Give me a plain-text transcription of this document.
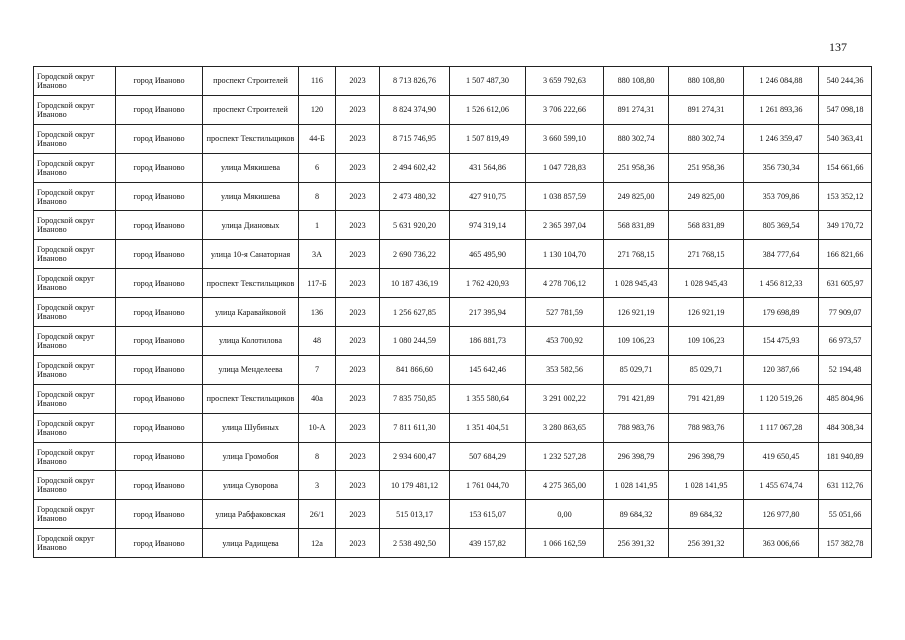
137
Городской округ Иваново	город Иваново	проспект Строителей	116	2023	8 713 826,76	1 507 487,30	3 659 792,63	880 108,80	880 108,80	1 246 084,88	540 244,36
Городской округ Иваново	город Иваново	проспект Строителей	120	2023	8 824 374,90	1 526 612,06	3 706 222,66	891 274,31	891 274,31	1 261 893,36	547 098,18
Городской округ Иваново	город Иваново	проспект Текстильщиков	44-Б	2023	8 715 746,95	1 507 819,49	3 660 599,10	880 302,74	880 302,74	1 246 359,47	540 363,41
Городской округ Иваново	город Иваново	улица Мякишева	6	2023	2 494 602,42	431 564,86	1 047 728,83	251 958,36	251 958,36	356 730,34	154 661,66
Городской округ Иваново	город Иваново	улица Мякишева	8	2023	2 473 480,32	427 910,75	1 038 857,59	249 825,00	249 825,00	353 709,86	153 352,12
Городской округ Иваново	город Иваново	улица Диановых	1	2023	5 631 920,20	974 319,14	2 365 397,04	568 831,89	568 831,89	805 369,54	349 170,72
Городской округ Иваново	город Иваново	улица 10-я Санаторная	3А	2023	2 690 736,22	465 495,90	1 130 104,70	271 768,15	271 768,15	384 777,64	166 821,66
Городской округ Иваново	город Иваново	проспект Текстильщиков	117-Б	2023	10 187 436,19	1 762 420,93	4 278 706,12	1 028 945,43	1 028 945,43	1 456 812,33	631 605,97
Городской округ Иваново	город Иваново	улица Каравайковой	136	2023	1 256 627,85	217 395,94	527 781,59	126 921,19	126 921,19	179 698,89	77 909,07
Городской округ Иваново	город Иваново	улица Колотилова	48	2023	1 080 244,59	186 881,73	453 700,92	109 106,23	109 106,23	154 475,93	66 973,57
Городской округ Иваново	город Иваново	улица Менделеева	7	2023	841 866,60	145 642,46	353 582,56	85 029,71	85 029,71	120 387,66	52 194,48
Городской округ Иваново	город Иваново	проспект Текстильщиков	40а	2023	7 835 750,85	1 355 580,64	3 291 002,22	791 421,89	791 421,89	1 120 519,26	485 804,96
Городской округ Иваново	город Иваново	улица Шубиных	10-А	2023	7 811 611,30	1 351 404,51	3 280 863,65	788 983,76	788 983,76	1 117 067,28	484 308,34
Городской округ Иваново	город Иваново	улица Громобоя	8	2023	2 934 600,47	507 684,29	1 232 527,28	296 398,79	296 398,79	419 650,45	181 940,89
Городской округ Иваново	город Иваново	улица Суворова	3	2023	10 179 481,12	1 761 044,70	4 275 365,00	1 028 141,95	1 028 141,95	1 455 674,74	631 112,76
Городской округ Иваново	город Иваново	улица Рабфаковская	26/1	2023	515 013,17	153 615,07	0,00	89 684,32	89 684,32	126 977,80	55 051,66
Городской округ Иваново	город Иваново	улица Радищева	12а	2023	2 538 492,50	439 157,82	1 066 162,59	256 391,32	256 391,32	363 006,66	157 382,78
